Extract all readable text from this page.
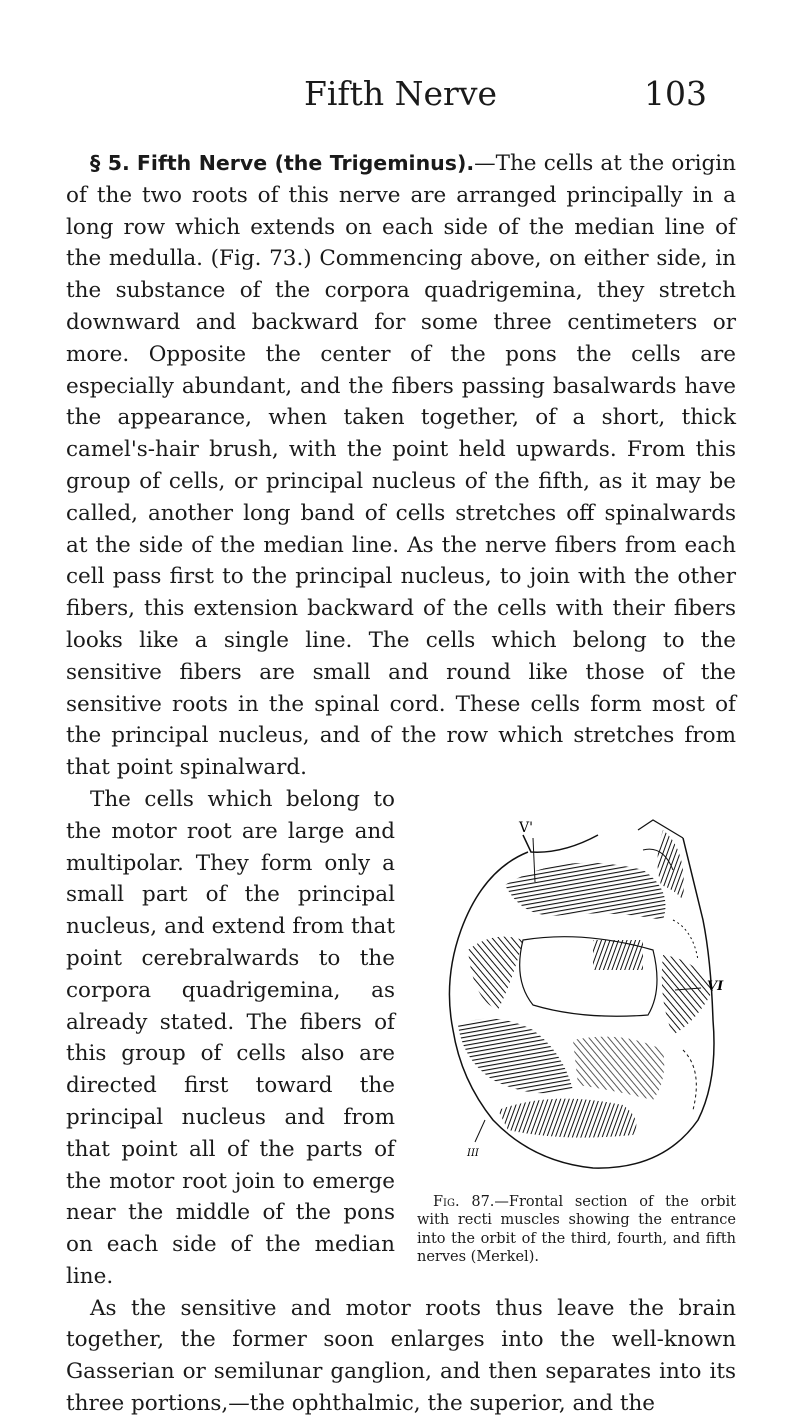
Fifth Nerve	103

§ 5. Fifth Nerve (the Trigeminus).—The cells at the origin of the two roots of this nerve are arranged principally in a long row which extends on each side of the median line of the medulla. (Fig. 73.) Commencing above, on either side, in the substance of the corpora quadrigemina, they stretch downward and backward for some three centimeters or more. Opposite the center of the pons the cells are especially abundant, and the fibers passing basalwards have the appearance, when taken together, of a short, thick camel's-hair brush, with the point held upwards. From this group of cells, or principal nucleus of the fifth, as it may be called, another long band of cells stretches off spinalwards at the side of the median line. As the nerve fibers from each cell pass first to the principal nucleus, to join with the other fibers, this extension backward of the cells with their fibers looks like a single line. The cells which belong to the sensitive fibers are small and round like those of the sensitive roots in the spinal cord. These cells form most of the principal nucleus, and of the row which stretches from that point spinalward.

V'
VI
III
Fig. 87.—Frontal section of the orbit with recti muscles showing the entrance into the orbit of the third, fourth, and fifth nerves (Merkel).

The cells which belong to the motor root are large and multipolar. They form only a small part of the principal nucleus, and extend from that point cerebralwards to the corpora quadrigemina, as already stated. The fibers of this group of cells also are directed first toward the principal nucleus and from that point all of the parts of the motor root join to emerge near the middle of the pons on each side of the median line.

As the sensitive and motor roots thus leave the brain together, the former soon enlarges into the well-known Gasserian or semilunar ganglion, and then separates into its three portions,—the ophthalmic, the superior, and the
